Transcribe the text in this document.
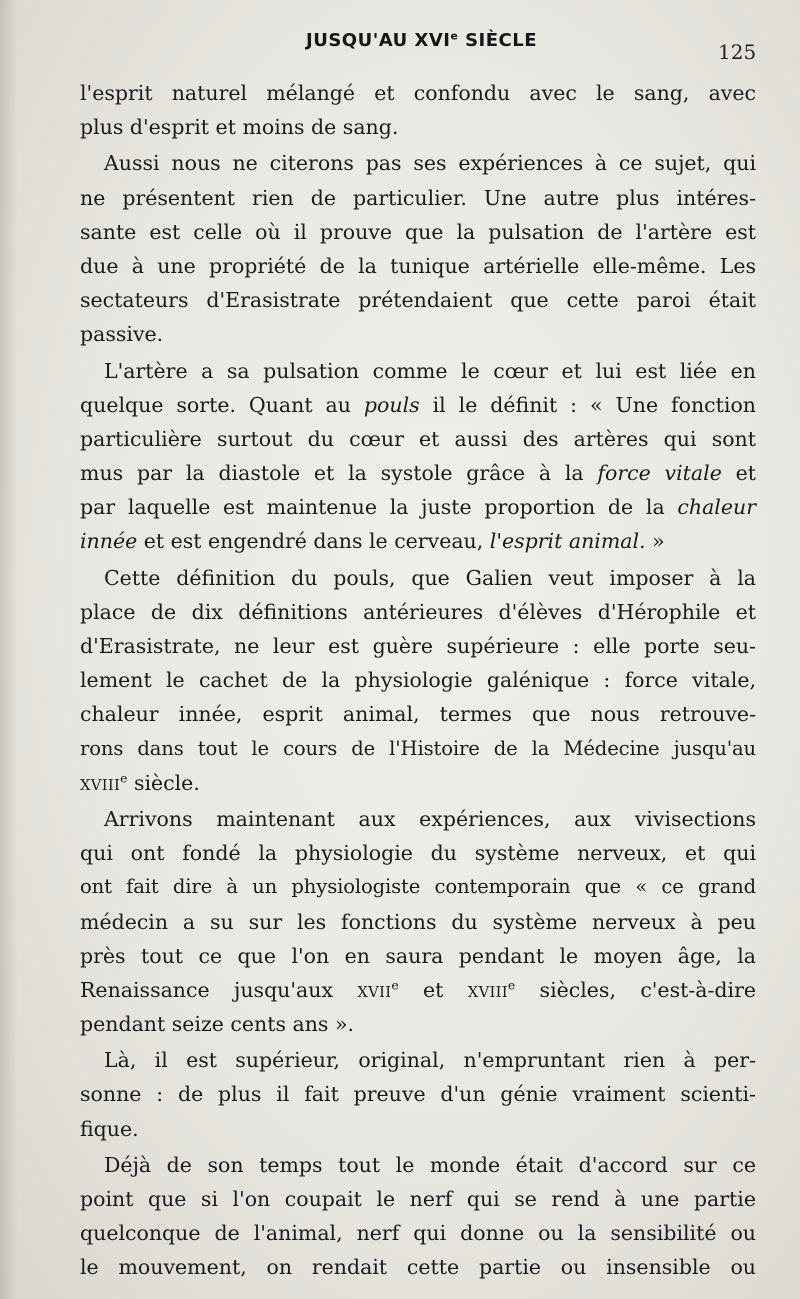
JUSQU'AU XVIe SIÈCLE	125
l'esprit naturel mélangé et confondu avec le sang, avec
plus d'esprit et moins de sang.
Aussi nous ne citerons pas ses expériences à ce sujet, qui
ne présentent rien de particulier. Une autre plus intéres-
sante est celle où il prouve que la pulsation de l'artère est
due à une propriété de la tunique artérielle elle-même. Les
sectateurs d'Erasistrate prétendaient que cette paroi était
passive.
L'artère a sa pulsation comme le cœur et lui est liée en
quelque sorte. Quant au pouls il le définit : « Une fonction
particulière surtout du cœur et aussi des artères qui sont
mus par la diastole et la systole grâce à la force vitale et
par laquelle est maintenue la juste proportion de la chaleur
innée et est engendré dans le cerveau, l'esprit animal. »
Cette définition du pouls, que Galien veut imposer à la
place de dix définitions antérieures d'élèves d'Hérophile et
d'Erasistrate, ne leur est guère supérieure : elle porte seu-
lement le cachet de la physiologie galénique : force vitale,
chaleur innée, esprit animal, termes que nous retrouve-
rons dans tout le cours de l'Histoire de la Médecine jusqu'au
XVIIIe siècle.
Arrivons maintenant aux expériences, aux vivisections
qui ont fondé la physiologie du système nerveux, et qui
ont fait dire à un physiologiste contemporain que « ce grand
médecin a su sur les fonctions du système nerveux à peu
près tout ce que l'on en saura pendant le moyen âge, la
Renaissance jusqu'aux XVIIe et XVIIIe siècles, c'est-à-dire
pendant seize cents ans ».
Là, il est supérieur, original, n'empruntant rien à per-
sonne : de plus il fait preuve d'un génie vraiment scienti-
fique.
Déjà de son temps tout le monde était d'accord sur ce
point que si l'on coupait le nerf qui se rend à une partie
quelconque de l'animal, nerf qui donne ou la sensibilité ou
le mouvement, on rendait cette partie ou insensible ou
